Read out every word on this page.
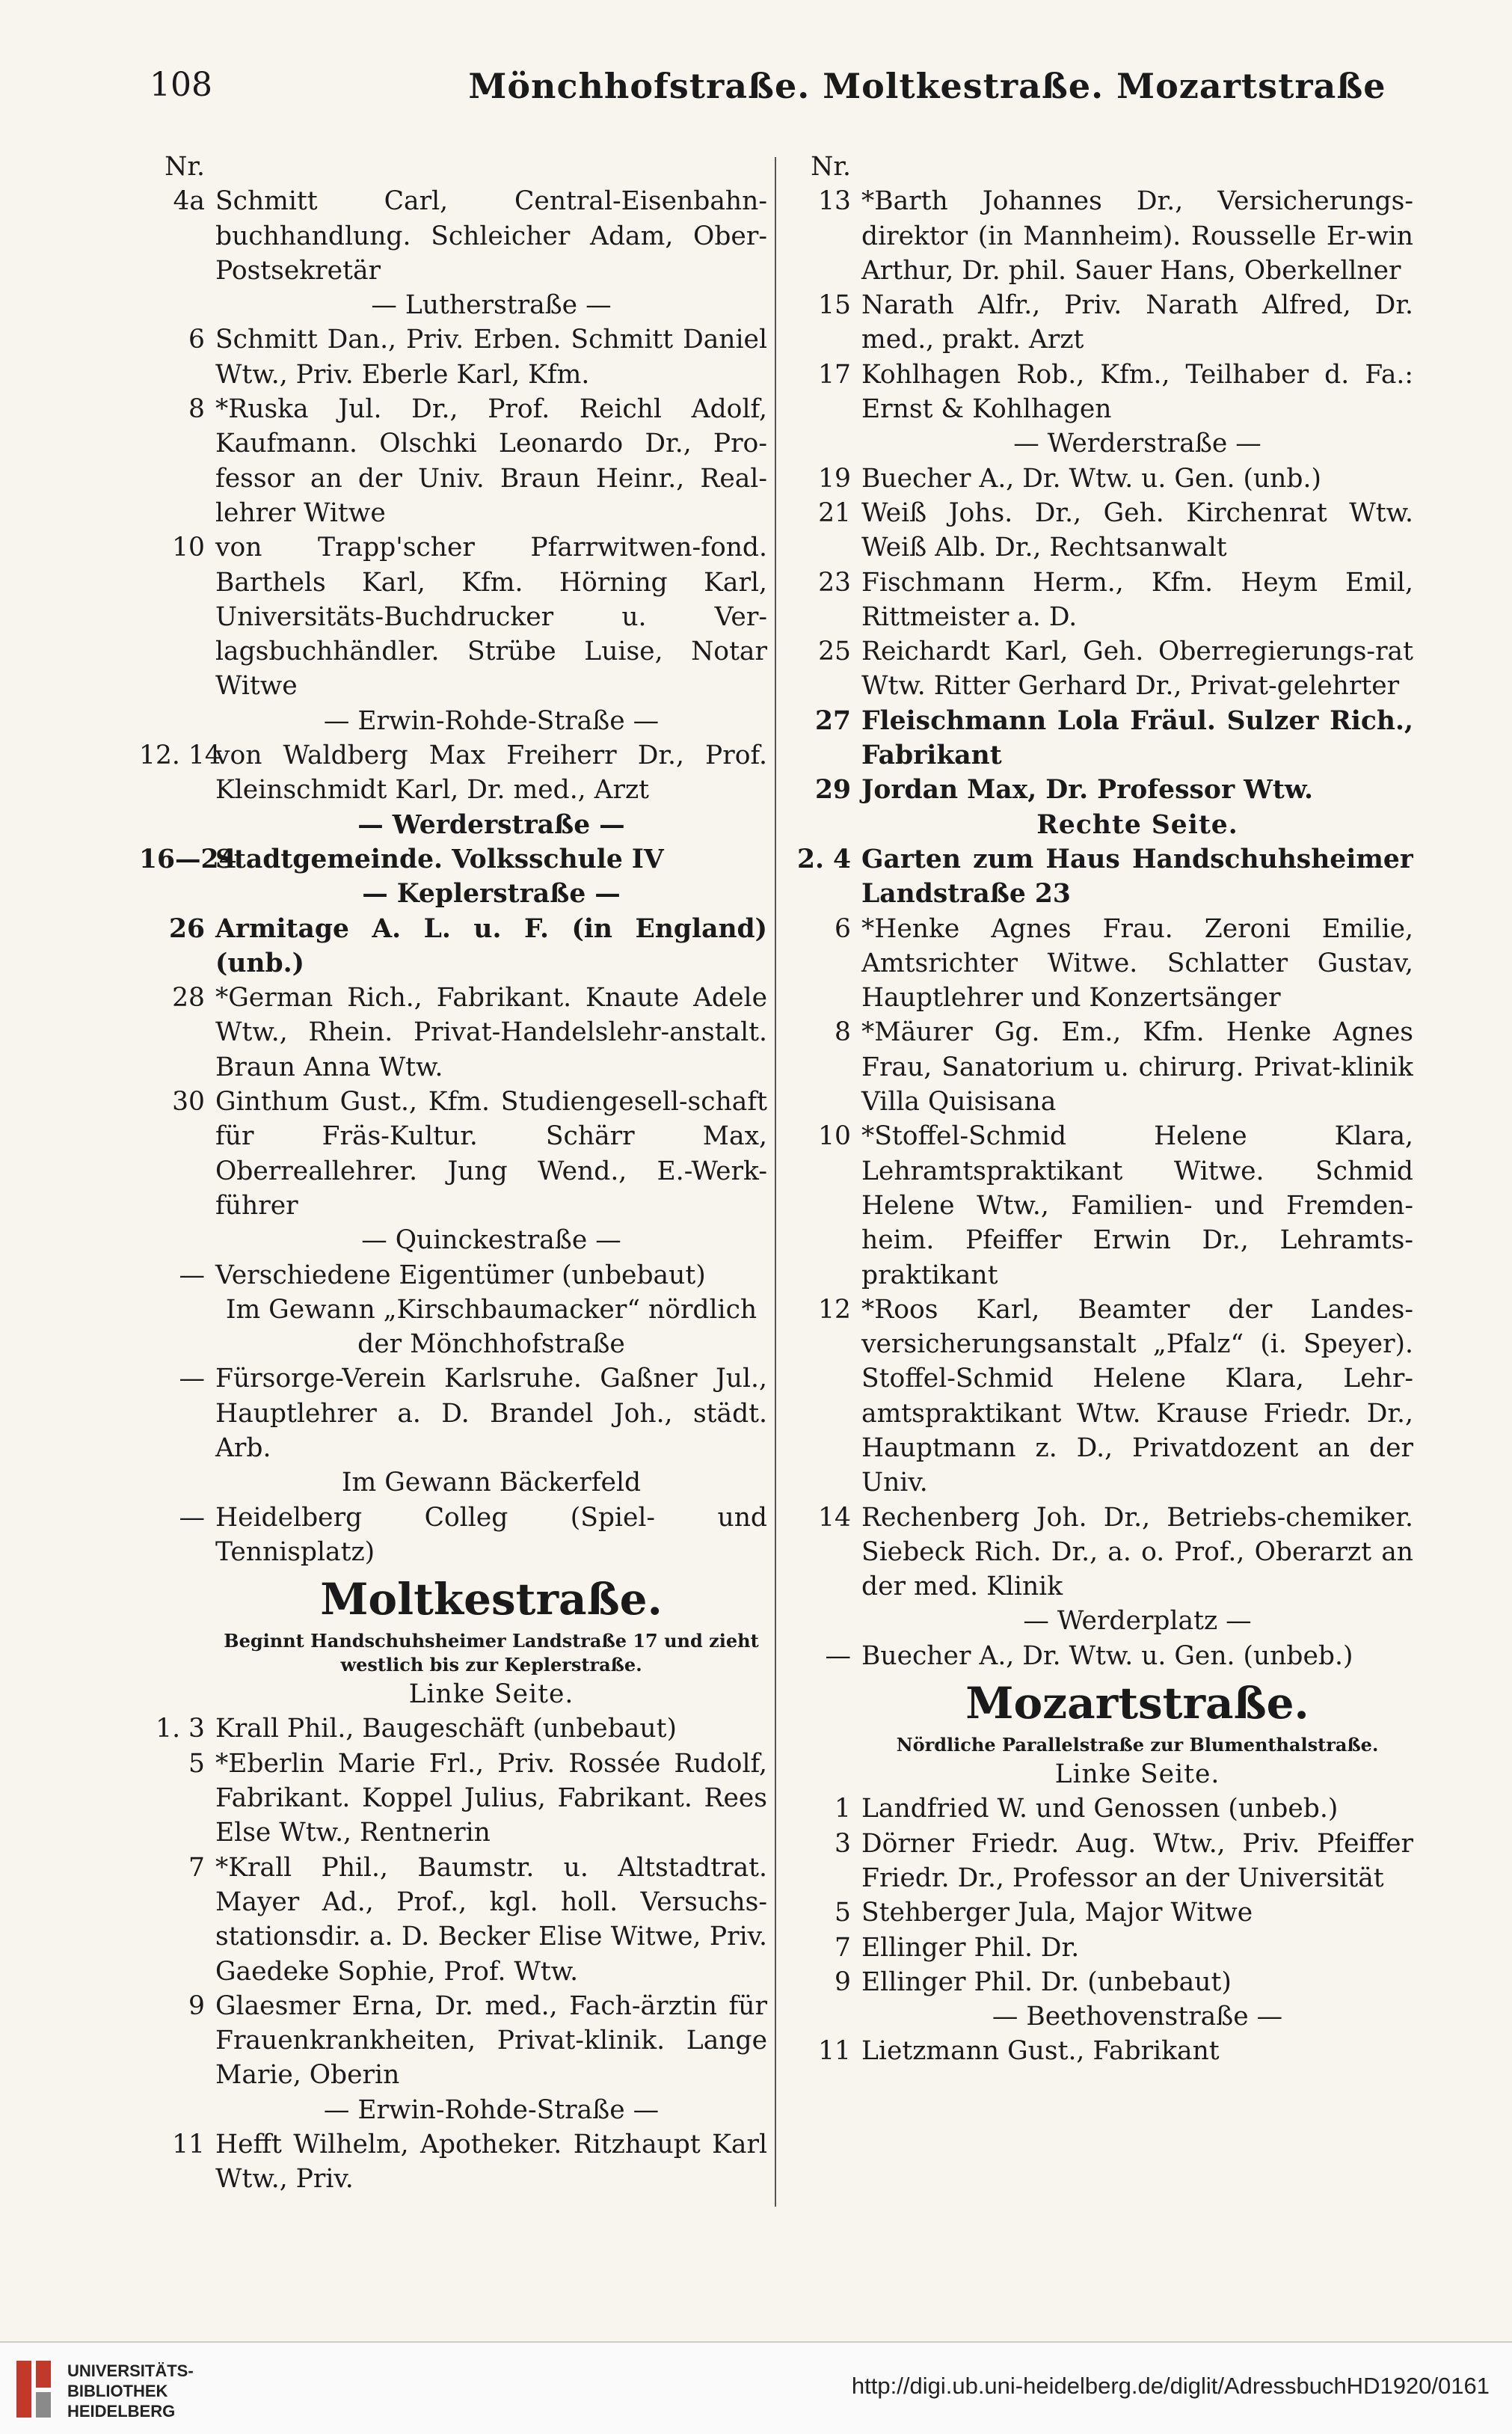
108	Mönchhofstraße. Moltkestraße. Mozartstraße
Nr.
4a Schmitt Carl, Central-Eisenbahn-buchhandlung. Schleicher Adam, Ober-Postsekretär
— Lutherstraße —
6 Schmitt Dan., Priv. Erben. Schmitt Daniel Wtw., Priv. Eberle Karl, Kfm.
8 *Ruska Jul. Dr., Prof. Reichl Adolf, Kaufmann. Olschki Leonardo Dr., Pro-fessor an der Univ. Braun Heinr., Real-lehrer Witwe
10 von Trapp'scher Pfarrwitwen-fond. Barthels Karl, Kfm. Hörning Karl, Universitäts-Buchdrucker u. Ver-lagsbuchhändler. Strübe Luise, Notar Witwe
— Erwin-Rohde-Straße —
12. 14
von Waldberg Max Freiherr Dr., Prof. Kleinschmidt Karl, Dr. med., Arzt
— Werderstraße —
16—24
Stadtgemeinde. Volksschule IV
— Keplerstraße —
26 Armitage A. L. u. F. (in England) (unb.)
28 *German Rich., Fabrikant. Knaute Adele Wtw., Rhein. Privat-Handelslehr-anstalt. Braun Anna Wtw.
30 Ginthum Gust., Kfm. Studiengesell-schaft für Fräs-Kultur. Schärr Max, Oberreallehrer. Jung Wend., E.-Werk-führer
— Quinckestraße —
— Verschiedene Eigentümer (unbebaut)
Im Gewann „Kirschbaumacker“ nördlich der Mönchhofstraße
— Fürsorge-Verein Karlsruhe. Gaßner Jul., Hauptlehrer a. D. Brandel Joh., städt. Arb.
Im Gewann Bäckerfeld
— Heidelberg Colleg (Spiel- und Tennisplatz)
Moltkestraße.
Beginnt Handschuhsheimer Landstraße 17 und zieht westlich bis zur Keplerstraße.
Linke Seite.
1. 3 Krall Phil., Baugeschäft (unbebaut)
5 *Eberlin Marie Frl., Priv. Rossée Rudolf, Fabrikant. Koppel Julius, Fabrikant. Rees Else Wtw., Rentnerin
7 *Krall Phil., Baumstr. u. Altstadtrat. Mayer Ad., Prof., kgl. holl. Versuchs-stationsdir. a. D. Becker Elise Witwe, Priv. Gaedeke Sophie, Prof. Wtw.
9 Glaesmer Erna, Dr. med., Fach-ärztin für Frauenkrankheiten, Privat-klinik. Lange Marie, Oberin
— Erwin-Rohde-Straße —
11 Hefft Wilhelm, Apotheker. Ritzhaupt Karl Wtw., Priv.
Nr.
13 *Barth Johannes Dr., Versicherungs-direktor (in Mannheim). Rousselle Er-win Arthur, Dr. phil. Sauer Hans, Oberkellner
15 Narath Alfr., Priv. Narath Alfred, Dr. med., prakt. Arzt
17 Kohlhagen Rob., Kfm., Teilhaber d. Fa.: Ernst & Kohlhagen
— Werderstraße —
19 Buecher A., Dr. Wtw. u. Gen. (unb.)
21 Weiß Johs. Dr., Geh. Kirchenrat Wtw. Weiß Alb. Dr., Rechtsanwalt
23 Fischmann Herm., Kfm. Heym Emil, Rittmeister a. D.
25 Reichardt Karl, Geh. Oberregierungs-rat Wtw. Ritter Gerhard Dr., Privat-gelehrter
27 Fleischmann Lola Fräul. Sulzer Rich., Fabrikant
29 Jordan Max, Dr. Professor Wtw.
Rechte Seite.
2. 4 Garten zum Haus Handschuhsheimer Landstraße 23
6 *Henke Agnes Frau. Zeroni Emilie, Amtsrichter Witwe. Schlatter Gustav, Hauptlehrer und Konzertsänger
8 *Mäurer Gg. Em., Kfm. Henke Agnes Frau, Sanatorium u. chirurg. Privat-klinik Villa Quisisana
10 *Stoffel-Schmid Helene Klara, Lehramtspraktikant Witwe. Schmid Helene Wtw., Familien- und Fremden-heim. Pfeiffer Erwin Dr., Lehramts-praktikant
12 *Roos Karl, Beamter der Landes-versicherungsanstalt „Pfalz“ (i. Speyer). Stoffel-Schmid Helene Klara, Lehr-amtspraktikant Wtw. Krause Friedr. Dr., Hauptmann z. D., Privatdozent an der Univ.
14 Rechenberg Joh. Dr., Betriebs-chemiker. Siebeck Rich. Dr., a. o. Prof., Oberarzt an der med. Klinik
— Werderplatz —
— Buecher A., Dr. Wtw. u. Gen. (unbeb.)
Mozartstraße.
Nördliche Parallelstraße zur Blumenthalstraße.
Linke Seite.
1 Landfried W. und Genossen (unbeb.)
3 Dörner Friedr. Aug. Wtw., Priv. Pfeiffer Friedr. Dr., Professor an der Universität
5 Stehberger Jula, Major Witwe
7 Ellinger Phil. Dr.
9 Ellinger Phil. Dr. (unbebaut)
— Beethovenstraße —
11 Lietzmann Gust., Fabrikant
UNIVERSITÄTS-
BIBLIOTHEK
HEIDELBERG
http://digi.ub.uni-heidelberg.de/diglit/AdressbuchHD1920/0161
